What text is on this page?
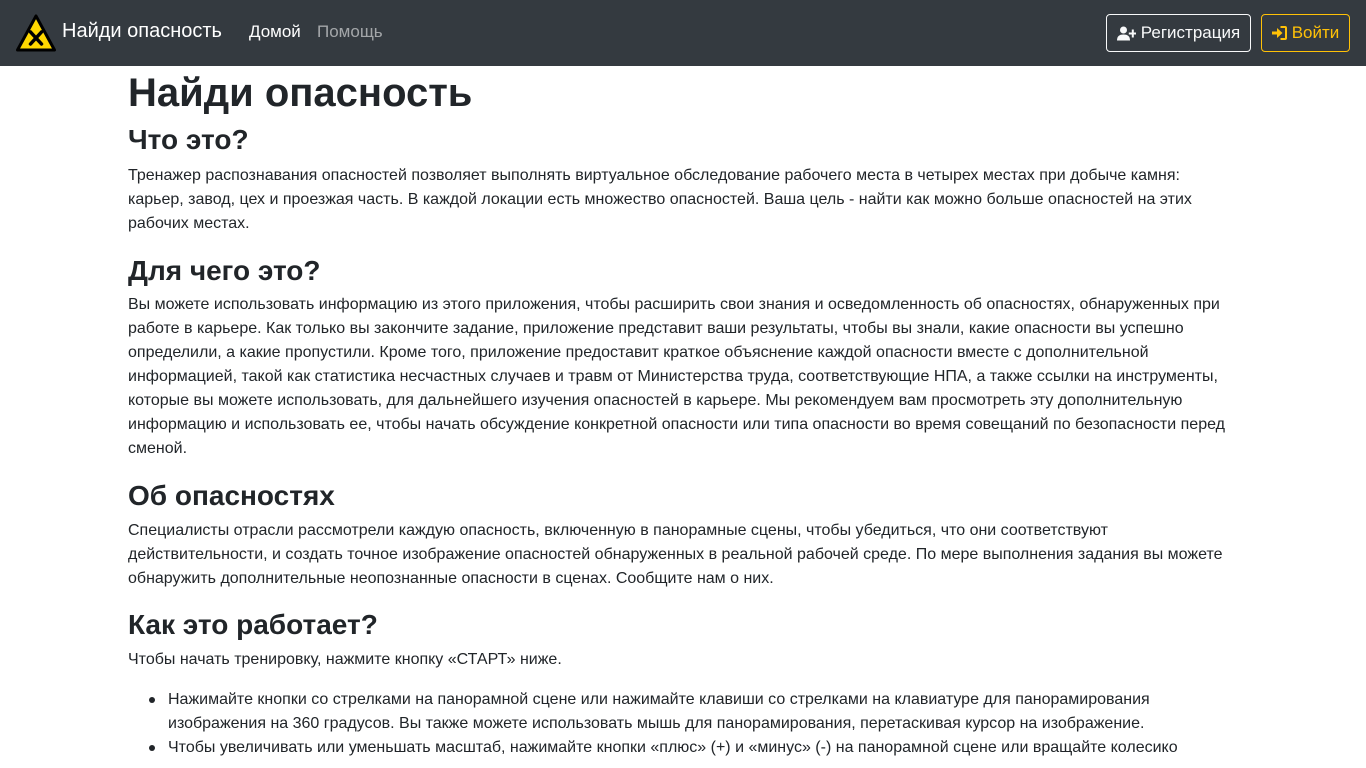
Найди опасность Домой Помощь	Регистрация	Войти
Найди опасность
Что это?

Тренажер распознавания опасностей позволяет выполнять виртуальное обследование рабочего места в четырех местах при добыче камня: карьер, завод, цех и проезжая часть. В каждой локации есть множество опасностей. Ваша цель - найти как можно больше опасностей на этих рабочих местах.

Для чего это?

Вы можете использовать информацию из этого приложения, чтобы расширить свои знания и осведомленность об опасностях, обнаруженных при работе в карьере. Как только вы закончите задание, приложение представит ваши результаты, чтобы вы знали, какие опасности вы успешно определили, а какие пропустили. Кроме того, приложение предоставит краткое объяснение каждой опасности вместе с дополнительной информацией, такой как статистика несчастных случаев и травм от Министерства труда, соответствующие НПА, а также ссылки на инструменты, которые вы можете использовать, для дальнейшего изучения опасностей в карьере. Мы рекомендуем вам просмотреть эту дополнительную информацию и использовать ее, чтобы начать обсуждение конкретной опасности или типа опасности во время совещаний по безопасности перед сменой.

Об опасностях

Специалисты отрасли рассмотрели каждую опасность, включенную в панорамные сцены, чтобы убедиться, что они соответствуют действительности, и создать точное изображение опасностей обнаруженных в реальной рабочей среде. По мере выполнения задания вы можете обнаружить дополнительные неопознанные опасности в сценах. Сообщите нам о них.

Как это работает?

Чтобы начать тренировку, нажмите кнопку «СТАРТ» ниже.

Нажимайте кнопки со стрелками на панорамной сцене или нажимайте клавиши со стрелками на клавиатуре для панорамирования изображения на 360 градусов. Вы также можете использовать мышь для панорамирования, перетаскивая курсор на изображение.
Чтобы увеличивать или уменьшать масштаб, нажимайте кнопки «плюс» (+) и «минус» (-) на панорамной сцене или вращайте колесико
